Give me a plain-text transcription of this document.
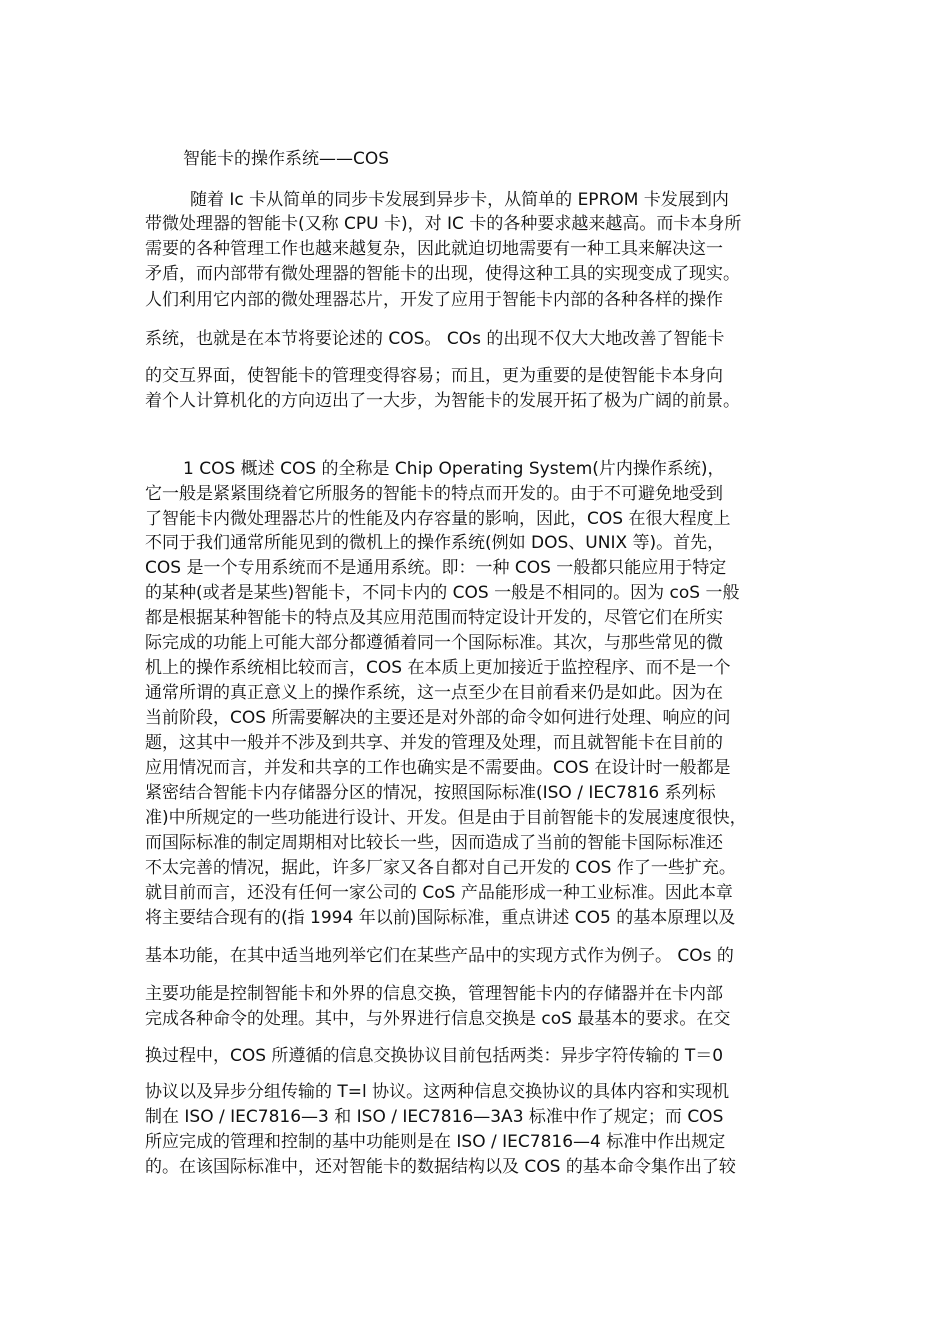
智能卡的操作系统——COS
随着 Ic 卡从简单的同步卡发展到异步卡，从简单的 EPROM 卡发展到内
带微处理器的智能卡(又称 CPU 卡)，对 IC 卡的各种要求越来越高。而卡本身所
需要的各种管理工作也越来越复杂，因此就迫切地需要有一种工具来解决这一
矛盾，而内部带有微处理器的智能卡的出现，使得这种工具的实现变成了现实。
人们利用它内部的微处理器芯片，开发了应用于智能卡内部的各种各样的操作
系统，也就是在本节将要论述的 COS。 COs 的出现不仅大大地改善了智能卡
的交互界面，使智能卡的管理变得容易；而且，更为重要的是使智能卡本身向
着个人计算机化的方向迈出了一大步，为智能卡的发展开拓了极为广阔的前景。
1 COS 概述 COS 的全称是 Chip Operating System(片内操作系统)，
它一般是紧紧围绕着它所服务的智能卡的特点而开发的。由于不可避免地受到
了智能卡内微处理器芯片的性能及内存容量的影响，因此，COS 在很大程度上
不同于我们通常所能见到的微机上的操作系统(例如 DOS、UNIX 等)。首先，
COS 是一个专用系统而不是通用系统。即：一种 COS 一般都只能应用于特定
的某种(或者是某些)智能卡，不同卡内的 COS 一般是不相同的。因为 coS 一般
都是根据某种智能卡的特点及其应用范围而特定设计开发的，尽管它们在所实
际完成的功能上可能大部分都遵循着同一个国际标准。其次，与那些常见的微
机上的操作系统相比较而言，COS 在本质上更加接近于监控程序、而不是一个
通常所谓的真正意义上的操作系统，这一点至少在目前看来仍是如此。因为在
当前阶段，COS 所需要解决的主要还是对外部的命令如何进行处理、响应的问
题，这其中一般并不涉及到共享、并发的管理及处理，而且就智能卡在目前的
应用情况而言，并发和共享的工作也确实是不需要曲。COS 在设计时一般都是
紧密结合智能卡内存储器分区的情况，按照国际标准(ISO / IEC7816 系列标
准)中所规定的一些功能进行设计、开发。但是由于目前智能卡的发展速度很快，
而国际标准的制定周期相对比较长一些，因而造成了当前的智能卡国际标准还
不太完善的情况，据此，许多厂家又各自都对自己开发的 COS 作了一些扩充。
就目前而言，还没有任何一家公司的 CoS 产品能形成一种工业标准。因此本章
将主要结合现有的(指 1994 年以前)国际标准，重点讲述 CO5 的基本原理以及
基本功能，在其中适当地列举它们在某些产品中的实现方式作为例子。 COs 的
主要功能是控制智能卡和外界的信息交换，管理智能卡内的存储器并在卡内部
完成各种命令的处理。其中，与外界进行信息交换是 coS 最基本的要求。在交
换过程中，COS 所遵循的信息交换协议目前包括两类：异步字符传输的 T＝0
协议以及异步分组传输的 T=l 协议。这两种信息交换协议的具体内容和实现机
制在 ISO / IEC7816—3 和 ISO / IEC7816—3A3 标准中作了规定；而 COS
所应完成的管理和控制的基中功能则是在 ISO / IEC7816—4 标准中作出规定
的。在该国际标准中，还对智能卡的数据结构以及 COS 的基本命令集作出了较
